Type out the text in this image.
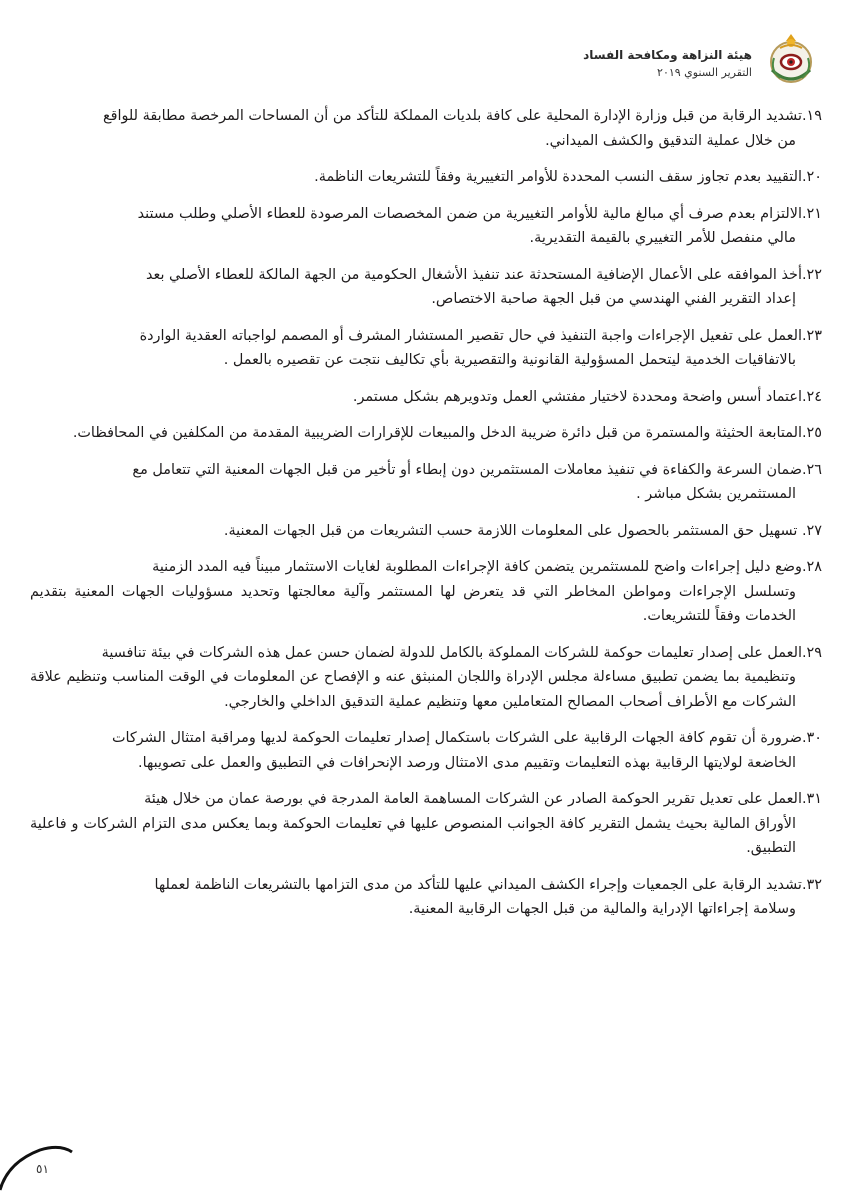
هيئة النزاهة ومكافحة الفساد
التقرير السنوي ٢٠١٩
١٩.تشديد الرقابة من قبل وزارة الإدارة المحلية على كافة بلديات المملكة للتأكد من أن المساحات المرخصة مطابقة للواقع
من خلال عملية التدقيق والكشف الميداني.
٢٠.التقييد بعدم تجاوز سقف النسب المحددة للأوامر التغييرية وفقاً للتشريعات الناظمة.
٢١.الالتزام بعدم صرف أي مبالغ مالية للأوامر التغييرية من ضمن المخصصات المرصودة للعطاء الأصلي وطلب مستند
مالي منفصل للأمر التغييري بالقيمة التقديرية.
٢٢.أخذ الموافقه على الأعمال الإضافية المستحدثة عند تنفيذ الأشغال الحكومية من الجهة المالكة للعطاء الأصلي بعد
إعداد التقرير الفني الهندسي من قبل الجهة صاحبة الاختصاص.
٢٣.العمل على تفعيل الإجراءات واجبة التنفيذ في حال تقصير المستشار المشرف أو المصمم لواجباته العقدية الواردة
بالاتفاقيات الخدمية ليتحمل المسؤولية القانونية والتقصيرية بأي تكاليف نتجت عن تقصيره بالعمل .
٢٤.اعتماد أسس واضحة ومحددة لاختيار مفتشي العمل وتدويرهم بشكل مستمر.
٢٥.المتابعة الحثيثة والمستمرة من قبل دائرة ضريبة الدخل والمبيعات للإقرارات الضريبية المقدمة من المكلفين في المحافظات.
٢٦.ضمان السرعة والكفاءة في تنفيذ معاملات المستثمرين دون إبطاء أو تأخير من قبل الجهات المعنية التي تتعامل مع
المستثمرين بشكل مباشر .
٢٧. تسهيل حق المستثمر بالحصول على المعلومات اللازمة حسب التشريعات من قبل الجهات المعنية.
٢٨.وضع دليل إجراءات واضح للمستثمرين يتضمن كافة الإجراءات المطلوبة لغايات الاستثمار مبيناً فيه المدد الزمنية
وتسلسل الإجراءات ومواطن المخاطر التي قد يتعرض لها المستثمر وآلية معالجتها وتحديد مسؤوليات الجهات المعنية بتقديم الخدمات وفقاً للتشريعات.
٢٩.العمل على إصدار تعليمات حوكمة للشركات المملوكة بالكامل للدولة لضمان حسن عمل هذه الشركات في بيئة تنافسية
وتنظيمية بما يضمن تطبيق مساءلة مجلس الإدراة واللجان المنبثق عنه و الإفصاح عن المعلومات في الوقت المناسب وتنظيم علاقة الشركات مع الأطراف أصحاب المصالح المتعاملين معها وتنظيم عملية التدقيق الداخلي والخارجي.
٣٠.ضرورة أن تقوم كافة الجهات الرقابية على الشركات باستكمال إصدار تعليمات الحوكمة لديها ومراقبة امتثال الشركات
الخاضعة لولايتها الرقابية بهذه التعليمات وتقييم مدى الامتثال ورصد الإنحرافات في التطبيق والعمل على تصويبها.
٣١.العمل على تعديل تقرير الحوكمة الصادر عن الشركات المساهمة العامة المدرجة في بورصة عمان من خلال هيئة
الأوراق المالية بحيث يشمل التقرير كافة الجوانب المنصوص عليها في تعليمات الحوكمة وبما يعكس مدى التزام الشركات و فاعلية التطبيق.
٣٢.تشديد الرقابة على الجمعيات وإجراء الكشف الميداني عليها للتأكد من مدى التزامها بالتشريعات الناظمة لعملها
وسلامة إجراءاتها الإدراية والمالية من قبل الجهات الرقابية المعنية.
٥١
